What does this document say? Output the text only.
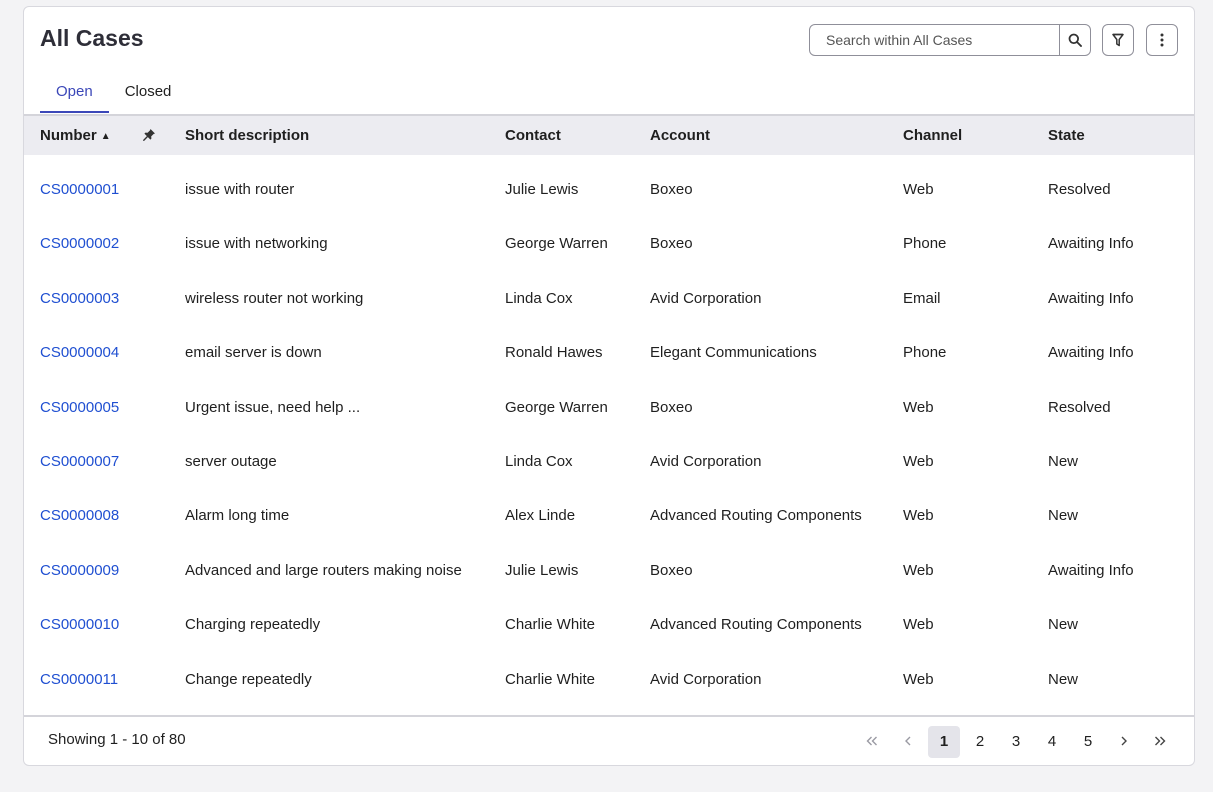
All Cases
Search within All Cases
Open	Closed
Number ▲	Short description	Contact	Account	Channel	State
CS0000001	issue with router	Julie Lewis	Boxeo	Web	Resolved
CS0000002	issue with networking	George Warren	Boxeo	Phone	Awaiting Info
CS0000003	wireless router not working	Linda Cox	Avid Corporation	Email	Awaiting Info
CS0000004	email server is down	Ronald Hawes	Elegant Communications	Phone	Awaiting Info
CS0000005	Urgent issue, need help ...	George Warren	Boxeo	Web	Resolved
CS0000007	server outage	Linda Cox	Avid Corporation	Web	New
CS0000008	Alarm long time	Alex Linde	Advanced Routing Components	Web	New
CS0000009	Advanced and large routers making noise	Julie Lewis	Boxeo	Web	Awaiting Info
CS0000010	Charging repeatedly	Charlie White	Advanced Routing Components	Web	New
CS0000011	Change repeatedly	Charlie White	Avid Corporation	Web	New
Showing 1 - 10 of 80	1	2	3	4	5
